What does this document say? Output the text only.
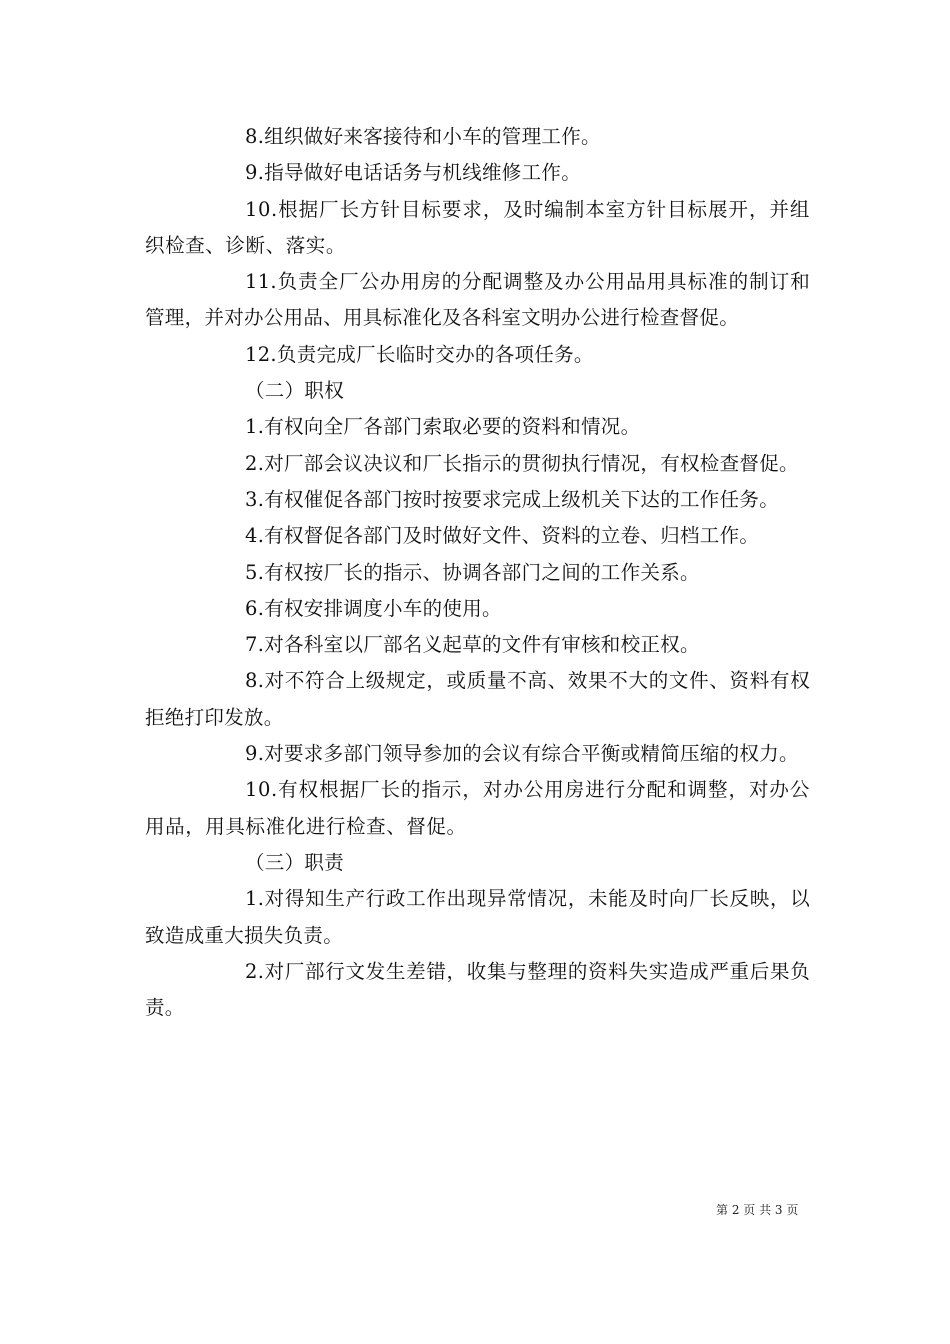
8.组织做好来客接待和小车的管理工作。

9.指导做好电话话务与机线维修工作。

10.根据厂长方针目标要求，及时编制本室方针目标展开，并组织检查、诊断、落实。

11.负责全厂公办用房的分配调整及办公用品用具标准的制订和管理，并对办公用品、用具标准化及各科室文明办公进行检查督促。

12.负责完成厂长临时交办的各项任务。

（二）职权

1.有权向全厂各部门索取必要的资料和情况。

2.对厂部会议决议和厂长指示的贯彻执行情况，有权检查督促。

3.有权催促各部门按时按要求完成上级机关下达的工作任务。

4.有权督促各部门及时做好文件、资料的立卷、归档工作。

5.有权按厂长的指示、协调各部门之间的工作关系。

6.有权安排调度小车的使用。

7.对各科室以厂部名义起草的文件有审核和校正权。

8.对不符合上级规定，或质量不高、效果不大的文件、资料有权拒绝打印发放。

9.对要求多部门领导参加的会议有综合平衡或精简压缩的权力。

10.有权根据厂长的指示，对办公用房进行分配和调整，对办公用品，用具标准化进行检查、督促。

（三）职责

1.对得知生产行政工作出现异常情况，未能及时向厂长反映，以致造成重大损失负责。

2.对厂部行文发生差错，收集与整理的资料失实造成严重后果负责。

第 2 页 共 3 页
